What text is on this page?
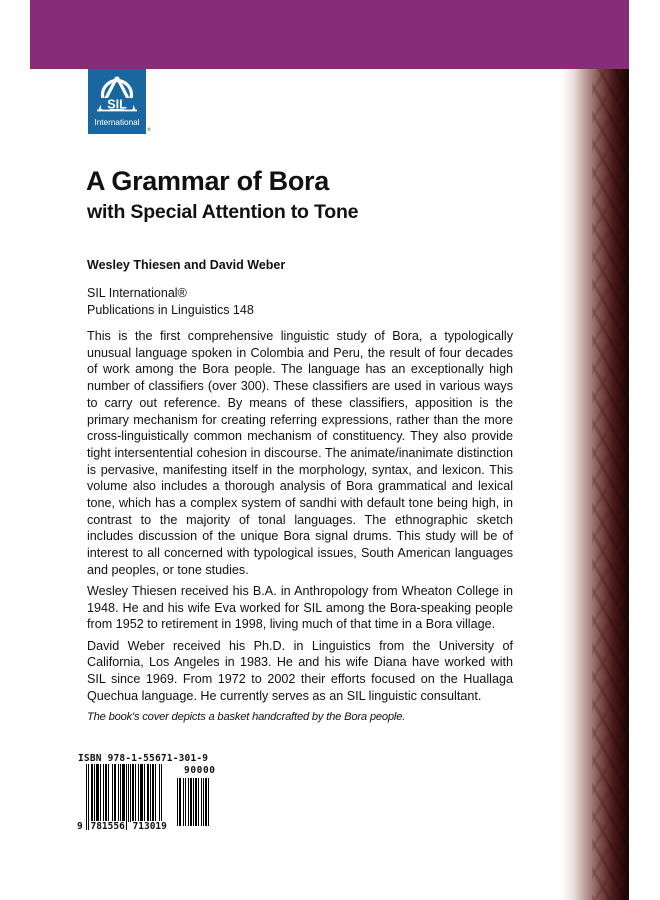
SIL
International
®
A Grammar of Bora
with Special Attention to Tone
Wesley Thiesen and David Weber
SIL International®
Publications in Linguistics 148

This is the first comprehensive linguistic study of Bora, a typologically unusual language spoken in Colombia and Peru, the result of four decades of work among the Bora people. The language has an exceptionally high number of classifiers (over 300). These classifiers are used in various ways to carry out reference. By means of these classifiers, apposition is the primary mechanism for creating referring expressions, rather than the more cross-linguistically common mechanism of constituency. They also provide tight intersentential cohesion in discourse. The animate/inanimate distinction is pervasive, manifesting itself in the morphology, syntax, and lexicon. This volume also includes a thorough analysis of Bora grammatical and lexical tone, which has a complex system of sandhi with default tone being high, in contrast to the majority of tonal languages. The ethnographic sketch includes discussion of the unique Bora signal drums. This study will be of interest to all concerned with typological issues, South American languages and peoples, or tone studies.

Wesley Thiesen received his B.A. in Anthropology from Wheaton College in 1948. He and his wife Eva worked for SIL among the Bora-speaking people from 1952 to retirement in 1998, living much of that time in a Bora village.

David Weber received his Ph.D. in Linguistics from the University of California, Los Angeles in 1983. He and his wife Diana have worked with SIL since 1969. From 1972 to 2002 their efforts focused on the Huallaga Quechua language. He currently serves as an SIL linguistic consultant.

The book's cover depicts a basket handcrafted by the Bora people.

ISBN 978-1-55671-301-9
90000
9 781556 713019
